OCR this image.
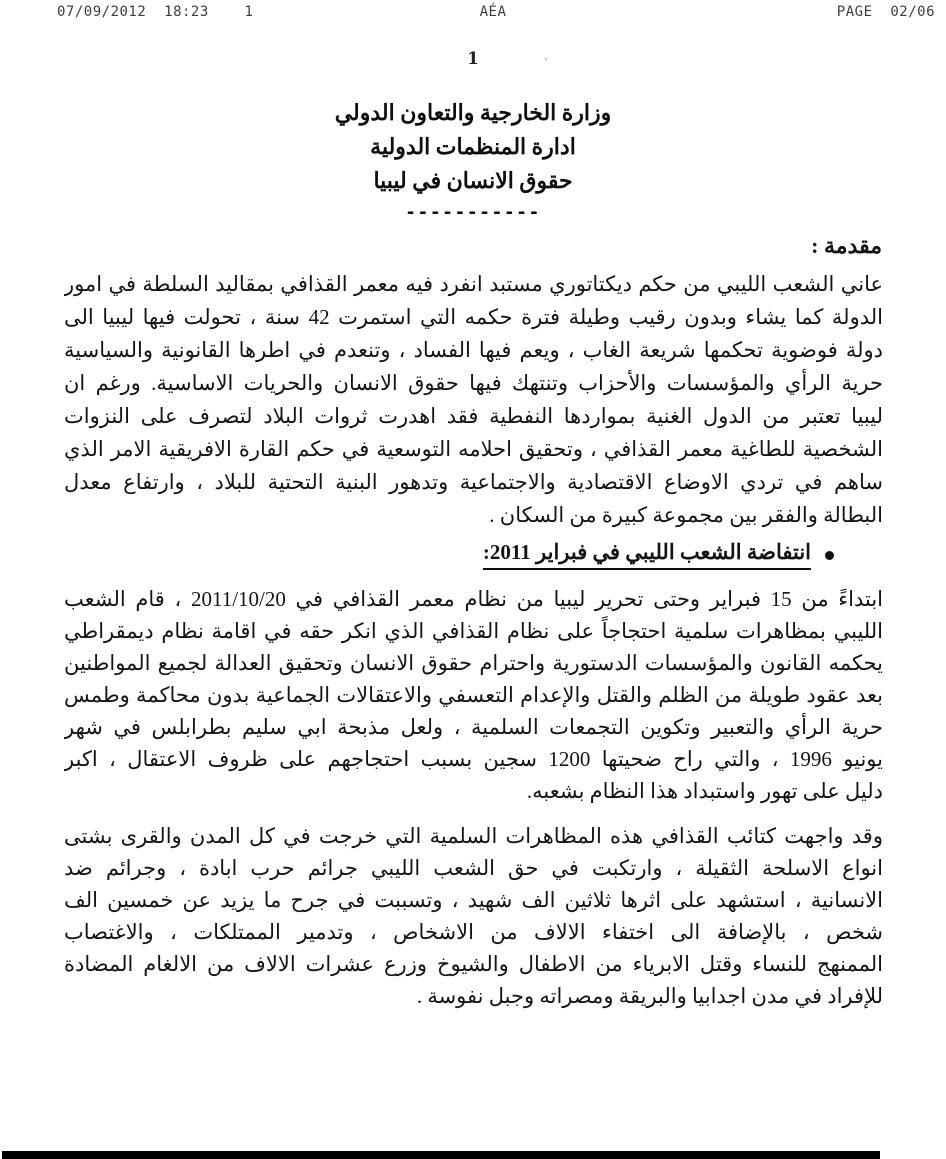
07/09/2012  18:23    1

	AÉA

	PAGE  02/06

1	'
وزارة الخارجية والتعاون الدولي
ادارة المنظمات الدولية
حقوق الانسان في ليبيا
-----------
مقدمة :
عاني الشعب الليبي من حكم ديكتاتوري مستبد انفرد فيه معمر القذافي بمقاليد السلطة في امور
الدولة كما يشاء وبدون رقيب وطيلة فترة حكمه التي استمرت 42 سنة ، تحولت فيها ليبيا الى
دولة فوضوية تحكمها شريعة الغاب ، ويعم فيها الفساد ، وتنعدم في اطرها القانونية والسياسية
حرية الرأي والمؤسسات والأحزاب وتنتهك فيها حقوق الانسان والحريات الاساسية. ورغم ان
ليبيا تعتبر من الدول الغنية بمواردها النفطية فقد اهدرت ثروات البلاد لتصرف على النزوات
الشخصية للطاغية معمر القذافي ، وتحقيق احلامه التوسعية في حكم القارة الافريقية الامر الذي
ساهم في تردي الاوضاع الاقتصادية والاجتماعية وتدهور البنية التحتية للبلاد ، وارتفاع معدل
البطالة والفقر بين مجموعة كبيرة من السكان .
انتفاضة الشعب الليبي في فبراير 2011:
ابتداءً من 15 فبراير وحتى تحرير ليبيا من نظام معمر القذافي في 2011/10/20 ، قام الشعب
الليبي بمظاهرات سلمية احتجاجاً على نظام القذافي الذي انكر حقه في اقامة نظام ديمقراطي
يحكمه القانون والمؤسسات الدستورية واحترام حقوق الانسان وتحقيق العدالة لجميع المواطنين
بعد عقود طويلة من الظلم والقتل والإعدام التعسفي والاعتقالات الجماعية بدون محاكمة وطمس
حرية الرأي والتعبير وتكوين التجمعات السلمية ، ولعل مذبحة ابي سليم بطرابلس في شهر
يونيو 1996 ، والتي راح ضحيتها 1200 سجين بسبب احتجاجهم على ظروف الاعتقال ، اكبر
دليل على تهور واستبداد هذا النظام بشعبه.
وقد واجهت كتائب القذافي هذه المظاهرات السلمية التي خرجت في كل المدن والقرى بشتى
انواع الاسلحة الثقيلة ، وارتكبت في حق الشعب الليبي جرائم حرب ابادة ، وجرائم ضد
الانسانية ، استشهد على اثرها ثلاثين الف شهيد ، وتسببت في جرح ما يزيد عن خمسين الف
شخص ، بالإضافة الى اختفاء الالاف من الاشخاص ، وتدمير الممتلكات ، والاغتصاب
الممنهج للنساء وقتل الابرياء من الاطفال والشيوخ وزرع عشرات الالاف من الالغام المضادة
للإفراد في مدن اجدابيا والبريقة ومصراته وجبل نفوسة .
